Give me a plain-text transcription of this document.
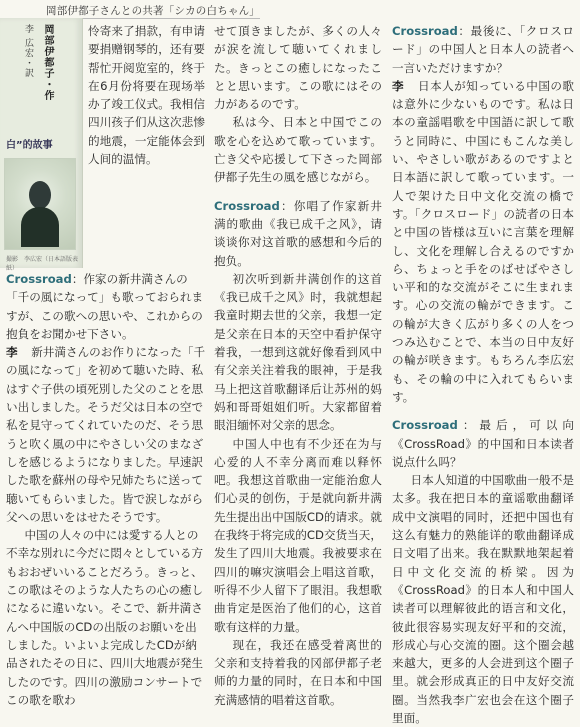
岡部伊都子さんとの共著「シカの白ちゃん」
岡部伊都子・作
李 広宏・訳
白”的故事
撮影　李広宏（日本語版表紙）

怜寄来了捐款，有申请要捐赠钢琴的，还有要帮忙开阅览室的，终于在6月份将要在现场举办了竣工仪式。我相信四川孩子们从这次悲惨的地震，一定能体会到人间的温情。

Crossroad：作家の新井満さんの「千の風になって」も歌っておられますが、この歌への思いや、これからの抱負をお聞かせ下さい。

李　新井満さんのお作りになった「千の風になって」を初めて聴いた時、私はすぐ子供の頃死別した父のことを思い出しました。そうだ父は日本の空で私を見守ってくれていたのだ、そう思うと吹く風の中にやさしい父のまなざしを感じるようになりました。早速訳した歌を蘇州の母や兄姉たちに送って聴いてもらいました。皆で涙しながら父への思いをはせたそうです。

中国の人々の中には愛する人との不幸な別れに今だに悶々としている方もおおぜいいることだろう。きっと、この歌はそのような人たちの心の癒しになるに違いない。そこで、新井満さんへ中国版のCDの出版のお願いを出しました。いよいよ完成したCDが納品されたその日に、四川大地震が発生したのです。四川の激励コンサートでこの歌を歌わ

せて頂きましたが、多くの人々が涙を流して聴いてくれました。きっとこの癒しになったことと思います。この歌にはその力があるのです。

私は今、日本と中国でこの歌を心を込めて歌っています。亡き父や応援して下さった岡部伊都子先生の風を感じながら。

Crossroad：你唱了作家新井满的歌曲《我已成千之风》，请谈谈你对这首歌的感想和今后的抱负。

初次听到新井满创作的这首《我已成千之风》时，我就想起我童时期去世的父亲，我想一定是父亲在日本的天空中看护保守着我，一想到这就好像看到风中有父亲关注着我的眼神，于是我马上把这首歌翻译后让苏州的妈妈和哥哥姐姐们听。大家都留着眼泪缅怀对父亲的思念。

中国人中也有不少还在为与心爱的人不幸分离而难以释怀吧。我想这首歌曲一定能治愈人们心灵的创伤，于是就向新井满先生提出出中国版CD的请求。就在我终于将完成的CD交货当天，发生了四川大地震。我被要求在四川的嘛灾演唱会上唱这首歌，听得不少人留下了眼泪。我想歌曲肯定是医治了他们的心，这首歌有这样的力量。

现在，我还在感受着离世的父亲和支持着我的冈部伊都子老师的力量的同时，在日本和中国充满感情的唱着这首歌。

Crossroad：最後に、「クロスロード」の中国人と日本人の読者へ一言いただけますか？

李　日本人が知っている中国の歌は意外に少ないものです。私は日本の童謡唱歌を中国語に訳して歌うと同時に、中国にもこんな美しい、やさしい歌があるのですよと日本語に訳して歌っています。一人で架けた日中文化交流の橋です。「クロスロード」の読者の日本と中国の皆様は互いに言葉を理解し、文化を理解し合えるのですから、ちょっと手をのばせばやさしい平和的な交流がそこに生まれます。心の交流の輪ができます。この輪が大きく広がり多くの人をつつみ込むことで、本当の日中友好の輪が咲きます。もちろん李広宏も、その輪の中に入れてもらいます。

Crossroad：最后，可以向《CrossRoad》的中国和日本读者说点什么吗？

日本人知道的中国歌曲一般不是太多。我在把日本的童谣歌曲翻译成中文演唱的同时，还把中国也有这么有魅力的熟能详的歌曲翻译成日文唱了出来。我在默默地架起着日中文化交流的桥梁。因为《CrossRoad》的日本人和中国人读者可以理解彼此的语言和文化，彼此很容易实现友好平和的交流，形成心与心交流的圈。这个圈会越来越大，更多的人会进到这个圈子里。就会形成真正的日中友好交流圈。当然我李广宏也会在这个圈子里面。
